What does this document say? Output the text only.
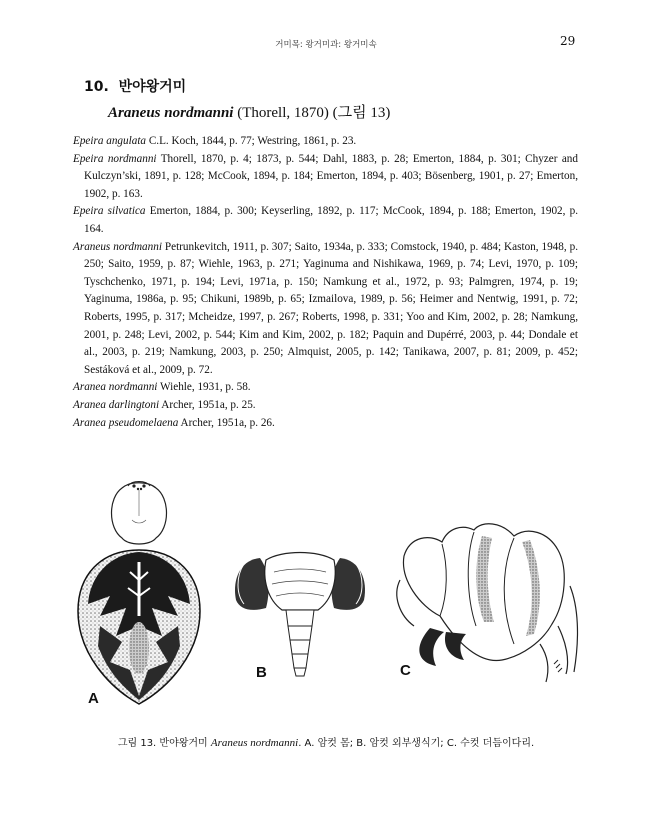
거미목: 왕거미과: 왕거미속	29
10. 반야왕거미
Araneus nordmanni (Thorell, 1870) (그림 13)

Epeira angulata C.L. Koch, 1844, p. 77; Westring, 1861, p. 23.

Epeira nordmanni Thorell, 1870, p. 4; 1873, p. 544; Dahl, 1883, p. 28; Emerton, 1884, p. 301; Chyzer and Kulczyn’ski, 1891, p. 128; McCook, 1894, p. 184; Emerton, 1894, p. 403; Bösenberg, 1901, p. 27; Emerton, 1902, p. 163.

Epeira silvatica Emerton, 1884, p. 300; Keyserling, 1892, p. 117; McCook, 1894, p. 188; Emerton, 1902, p. 164.

Araneus nordmanni Petrunkevitch, 1911, p. 307; Saito, 1934a, p. 333; Comstock, 1940, p. 484; Kaston, 1948, p. 250; Saito, 1959, p. 87; Wiehle, 1963, p. 271; Yaginuma and Nishikawa, 1969, p. 74; Levi, 1970, p. 109; Tyschchenko, 1971, p. 194; Levi, 1971a, p. 150; Namkung et al., 1972, p. 93; Palmgren, 1974, p. 19; Yaginuma, 1986a, p. 95; Chikuni, 1989b, p. 65; Izmailova, 1989, p. 56; Heimer and Nentwig, 1991, p. 72; Roberts, 1995, p. 317; Mcheidze, 1997, p. 267; Roberts, 1998, p. 331; Yoo and Kim, 2002, p. 28; Namkung, 2001, p. 248; Levi, 2002, p. 544; Kim and Kim, 2002, p. 182; Paquin and Dupérré, 2003, p. 44; Dondale et al., 2003, p. 219; Namkung, 2003, p. 250; Almquist, 2005, p. 142; Tanikawa, 2007, p. 81; 2009, p. 452; Sestáková et al., 2009, p. 72.

Aranea nordmanni Wiehle, 1931, p. 58.

Aranea darlingtoni Archer, 1951a, p. 25.

Aranea pseudomelaena Archer, 1951a, p. 26.

A
B	C
그림 13. 반야왕거미 Araneus nordmanni. A. 암컷 몸; B. 암컷 외부생식기; C. 수컷 더듬이다리.
